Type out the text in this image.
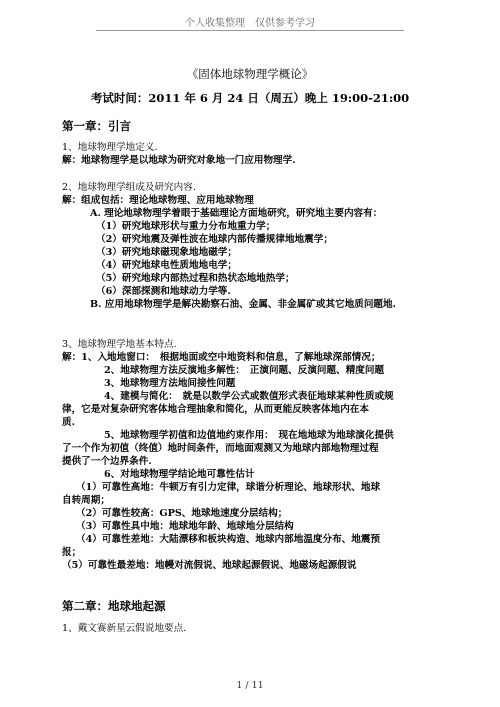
个人收集整理　仅供参考学习
《固体地球物理学概论》
考试时间：2011 年 6 月 24 日（周五）晚上 19:00-21:00
第一章：引言
1、地球物理学地定义.
解：地球物理学是以地球为研究对象地一门应用物理学.
2、地球物理学组成及研究内容.
解：组成包括：理论地球物理、应用地球物理
A. 理论地球物理学着眼于基础理论方面地研究，研究地主要内容有：
（1）研究地球形状与重力分布地重力学；
（2）研究地震及弹性波在地球内部传播规律地地震学；
（3）研究地球磁现象地地磁学；
（4）研究地球电性质地地电学；
（5）研究地球内部热过程和热状态地地热学；
（6）深部探测和地球动力学等.
B. 应用地球物理学是解决勘察石油、金属、非金属矿或其它地质问题地.
3、地球物理学地基本特点.
解：1、入地地窗口：　根据地面或空中地资料和信息，了解地球深部情况；
2、地球物理方法反演地多解性：　正演问题、反演问题、精度问题
3、地球物理方法地间接性问题
4、建模与简化：　就是以数学公式或数值形式表征地球某种性质或规
律，它是对复杂研究客体地合理抽象和简化，从而更能反映客体地内在本
质.
5、地球物理学初值和边值地约束作用：　现在地地球为地球演化提供
了一个作为初值（终值）地时间条件，而地面观测又为地球内部地物理过程
提供了一个边界条件.
6、对地球物理学结论地可靠性估计
（1）可靠性高地：牛顿万有引力定律，球谐分析理论、地球形状、地球
自转周期；
（2）可靠性较高：GPS、地球地速度分层结构；
（3）可靠性具中地：地球地年龄、地球地分层结构
（4）可靠性差地：大陆漂移和板块构造、地球内部地温度分布、地震预
报；
（5）可靠性最差地：地幔对流假说、地球起源假说、地磁场起源假说
第二章：地球地起源
1、戴文赛新星云假说地要点.
1 / 11
